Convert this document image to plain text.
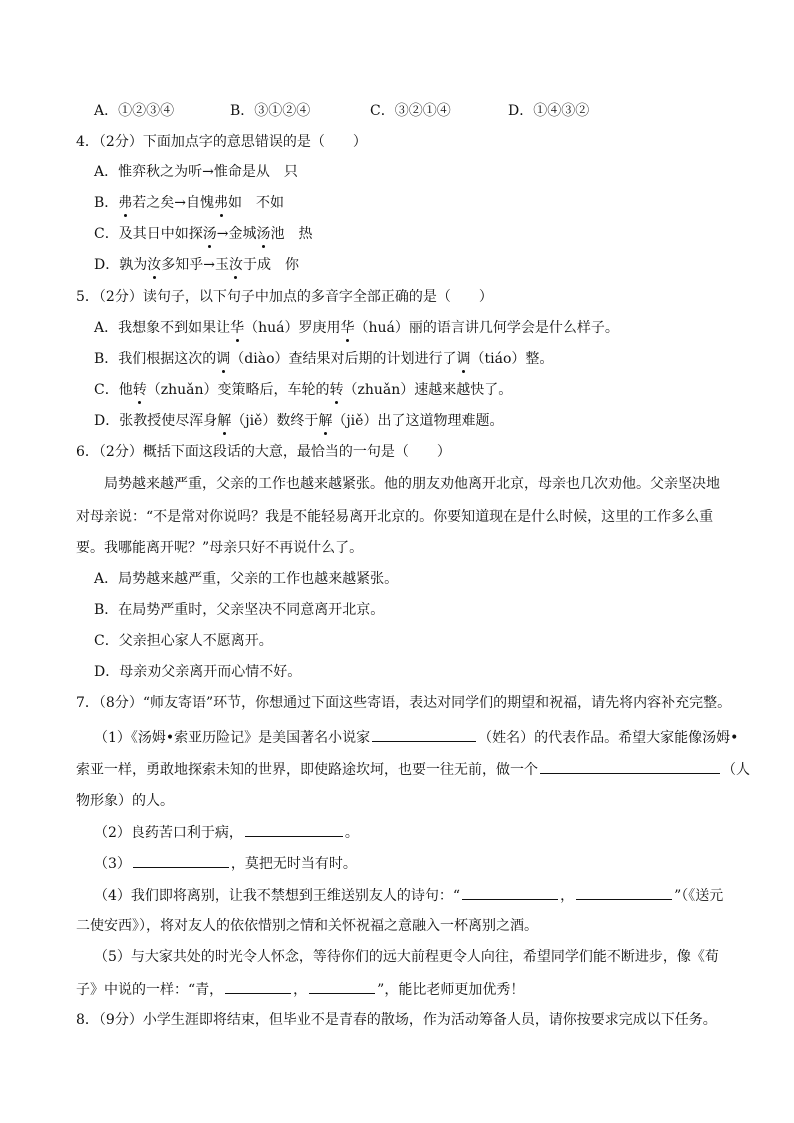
A．①②③④	B．③①②④	C．③②①④	D．①④③②
4．（2分）下面加点字的意思错误的是（　　）
A．惟弈秋之为听→惟命是从　只
B．弗若之矣→自愧弗如　不如
C．及其日中如探汤→金城汤池　热
D．孰为汝多知乎→玉汝于成　你
5．（2分）读句子，以下句子中加点的多音字全部正确的是（　　）
A．我想象不到如果让华（huá）罗庚用华（huá）丽的语言讲几何学会是什么样子。
B．我们根据这次的调（diào）查结果对后期的计划进行了调（tiáo）整。
C．他转（zhuǎn）变策略后，车轮的转（zhuǎn）速越来越快了。
D．张教授使尽浑身解（jiě）数终于解（jiě）出了这道物理难题。
6．（2分）概括下面这段话的大意，最恰当的一句是（　　）
局势越来越严重，父亲的工作也越来越紧张。他的朋友劝他离开北京，母亲也几次劝他。父亲坚决地
对母亲说：“不是常对你说吗？我是不能轻易离开北京的。你要知道现在是什么时候，这里的工作多么重
要。我哪能离开呢？”母亲只好不再说什么了。
A．局势越来越严重，父亲的工作也越来越紧张。
B．在局势严重时，父亲坚决不同意离开北京。
C．父亲担心家人不愿离开。
D．母亲劝父亲离开而心情不好。
7．（8分）“师友寄语”环节，你想通过下面这些寄语，表达对同学们的期望和祝福，请先将内容补充完整。
（1）《汤姆•索亚历险记》是美国著名小说家	（姓名）的代表作品。希望大家能像汤姆•
索亚一样，勇敢地探索未知的世界，即使路途坎坷，也要一往无前，做一个	（人
物形象）的人。
（2）良药苦口利于病，	。
（3）	，莫把无时当有时。
（4）我们即将离别，让我不禁想到王维送别友人的诗句：“	，	”（《送元
二使安西》），将对友人的依依惜别之情和关怀祝福之意融入一杯离别之酒。
（5）与大家共处的时光令人怀念，等待你们的远大前程更令人向往，希望同学们能不断进步，像《荀
子》中说的一样：“青，	，	”，能比老师更加优秀！
8．（9分）小学生涯即将结束，但毕业不是青春的散场，作为活动筹备人员，请你按要求完成以下任务。
